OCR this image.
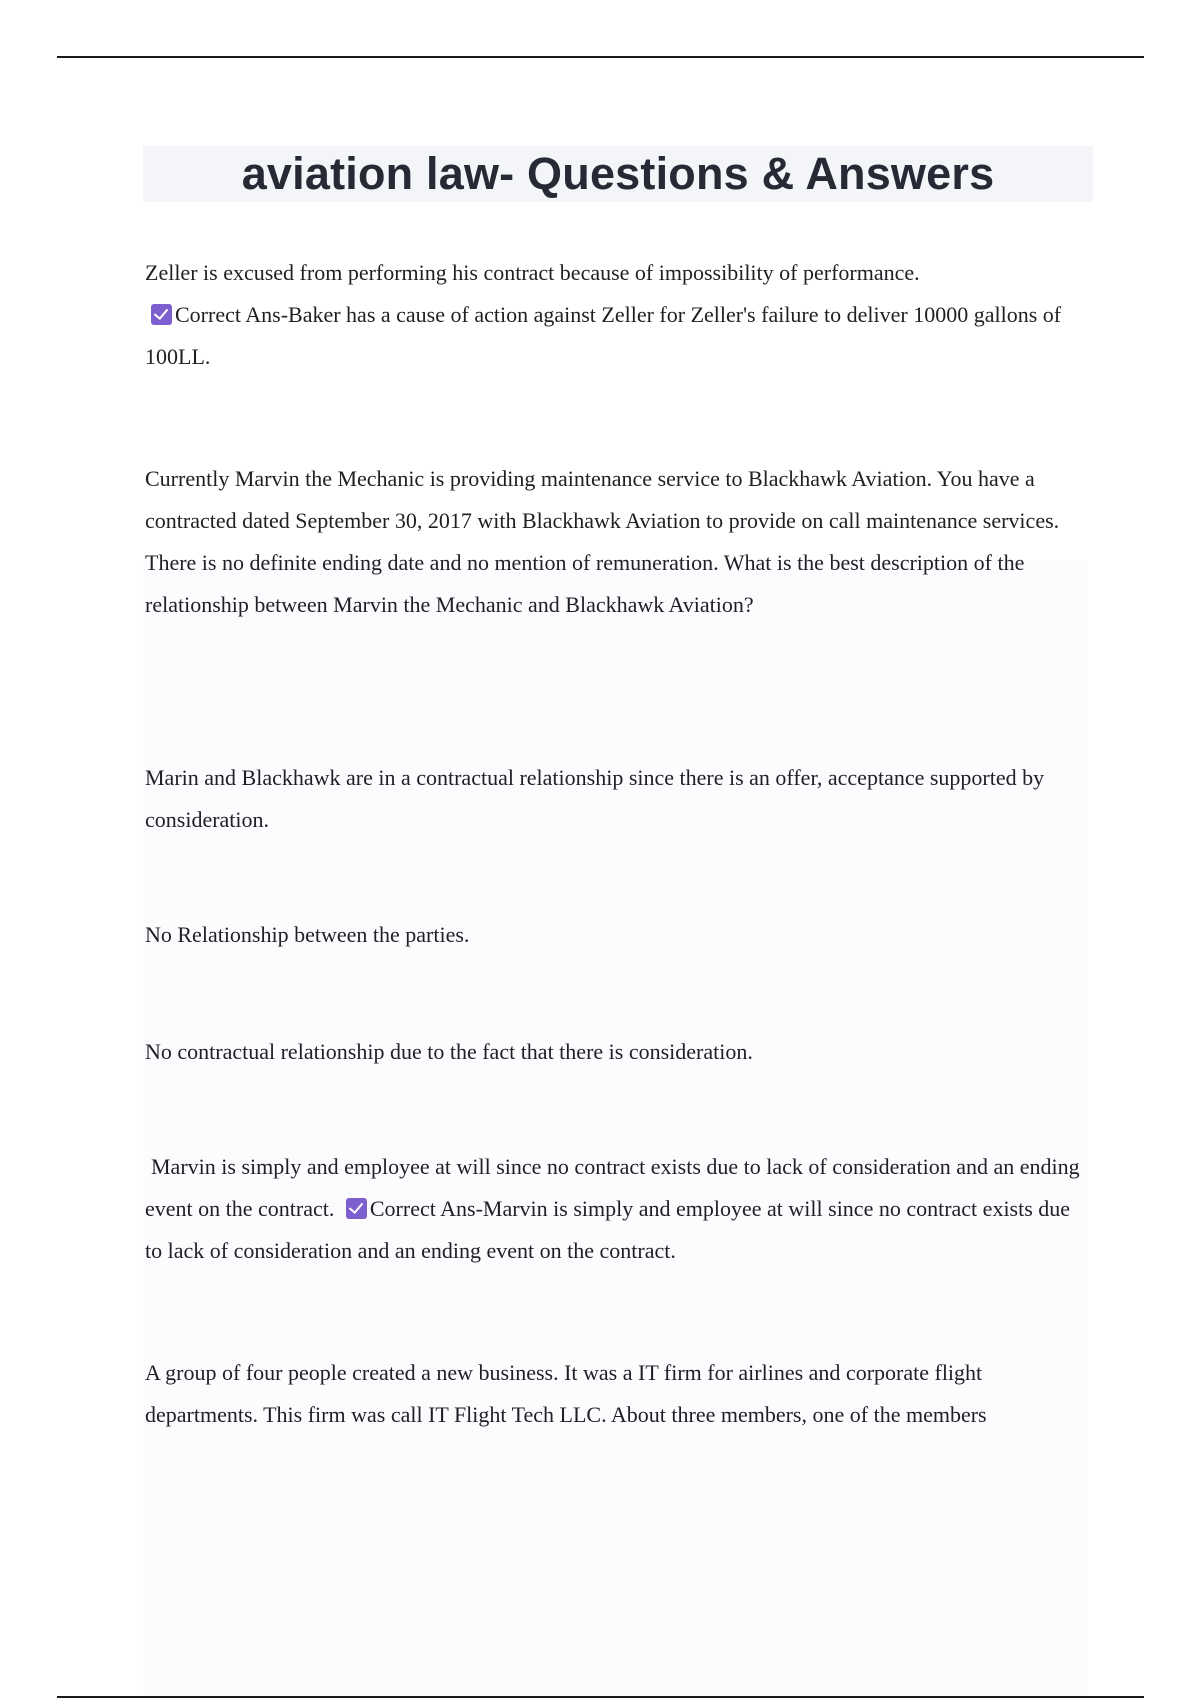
aviation law- Questions & Answers

Zeller is excused from performing his contract because of impossibility of performance.
Correct Ans-Baker has a cause of action against Zeller for Zeller's failure to deliver 10000 gallons of 100LL.

Currently Marvin the Mechanic is providing maintenance service to Blackhawk Aviation. You have a contracted dated September 30, 2017 with Blackhawk Aviation to provide on call maintenance services. There is no definite ending date and no mention of remuneration. What is the best description of the relationship between Marvin the Mechanic and Blackhawk Aviation?

Marin and Blackhawk are in a contractual relationship since there is an offer, acceptance supported by consideration.

No Relationship between the parties.

No contractual relationship due to the fact that there is consideration.

Marvin is simply and employee at will since no contract exists due to lack of consideration and an ending event on the contract. Correct Ans-Marvin is simply and employee at will since no contract exists due to lack of consideration and an ending event on the contract.

A group of four people created a new business. It was a IT firm for airlines and corporate flight departments. This firm was call IT Flight Tech LLC. About three members, one of the members
